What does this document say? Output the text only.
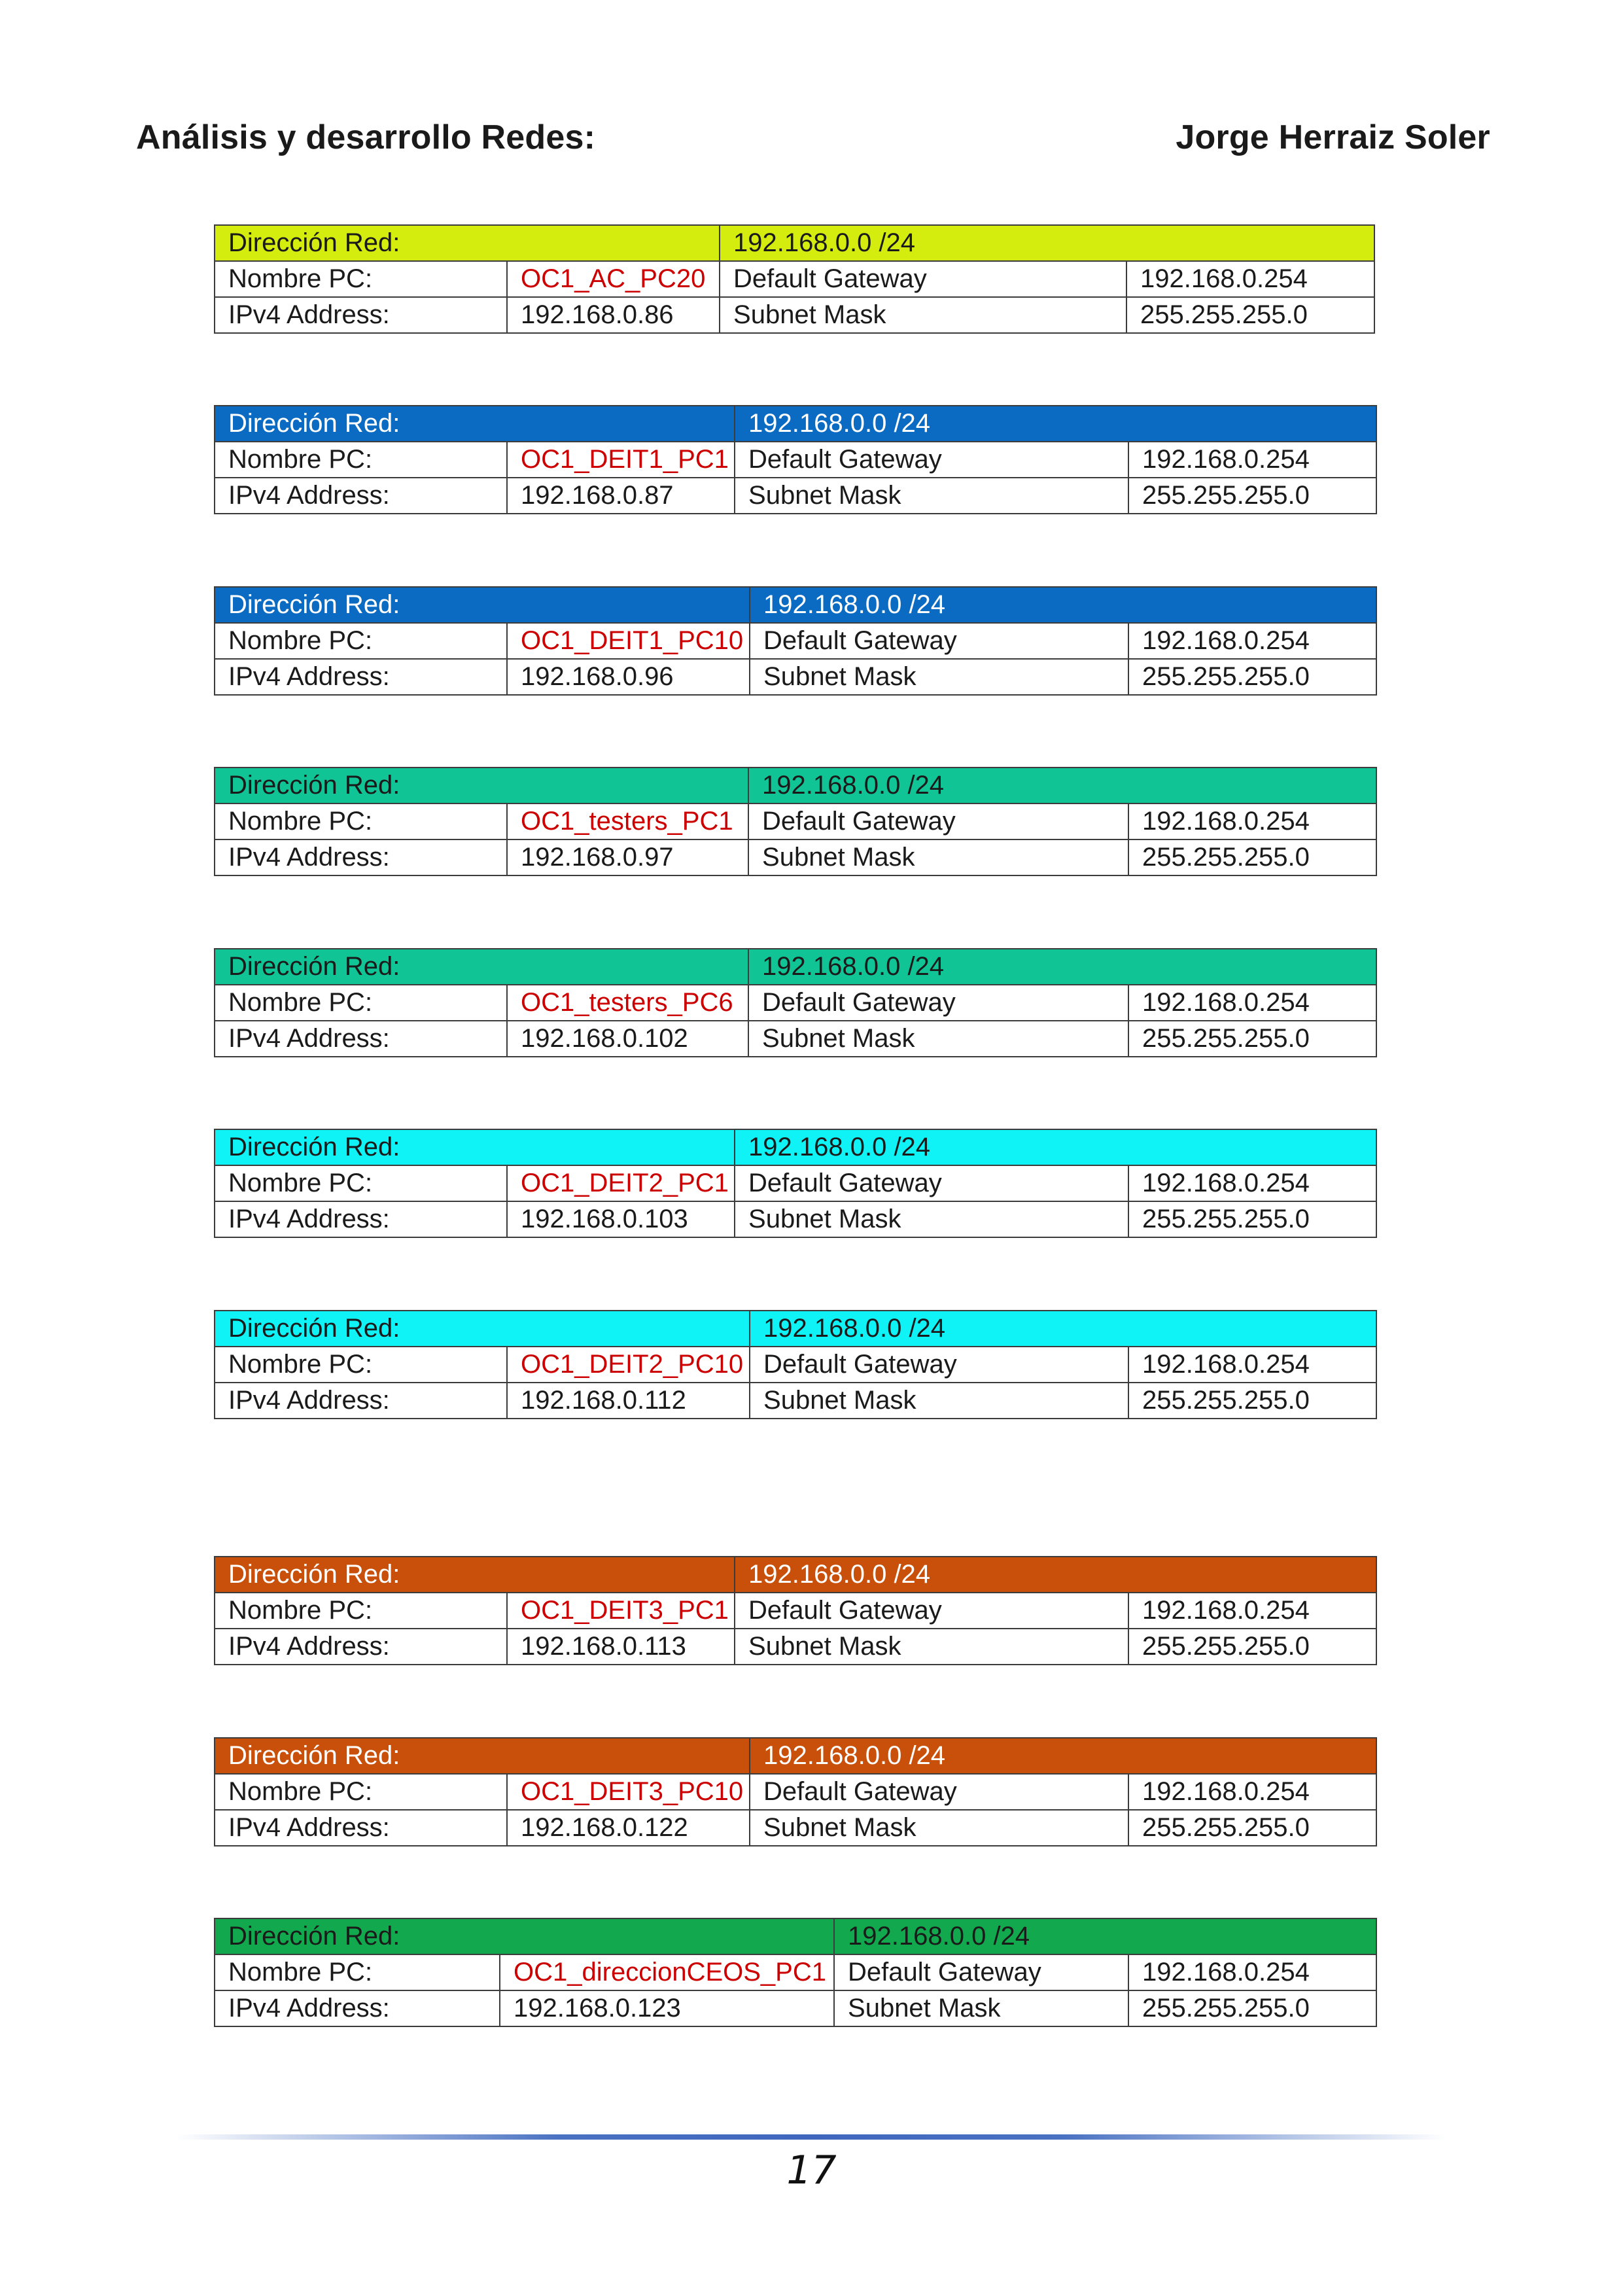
Análisis y desarrollo Redes:	Jorge Herraiz Soler
Dirección Red:		192.168.0.0 /24	
Nombre PC:	OC1_AC_PC20	Default Gateway	192.168.0.254
IPv4 Address:	192.168.0.86	Subnet Mask	255.255.255.0
Dirección Red:		192.168.0.0 /24	
Nombre PC:	OC1_DEIT1_PC1	Default Gateway	192.168.0.254
IPv4 Address:	192.168.0.87	Subnet Mask	255.255.255.0
Dirección Red:		192.168.0.0 /24	
Nombre PC:	OC1_DEIT1_PC10	Default Gateway	192.168.0.254
IPv4 Address:	192.168.0.96	Subnet Mask	255.255.255.0
Dirección Red:		192.168.0.0 /24	
Nombre PC:	OC1_testers_PC1	Default Gateway	192.168.0.254
IPv4 Address:	192.168.0.97	Subnet Mask	255.255.255.0
Dirección Red:		192.168.0.0 /24	
Nombre PC:	OC1_testers_PC6	Default Gateway	192.168.0.254
IPv4 Address:	192.168.0.102	Subnet Mask	255.255.255.0
Dirección Red:		192.168.0.0 /24	
Nombre PC:	OC1_DEIT2_PC1	Default Gateway	192.168.0.254
IPv4 Address:	192.168.0.103	Subnet Mask	255.255.255.0
Dirección Red:		192.168.0.0 /24	
Nombre PC:	OC1_DEIT2_PC10	Default Gateway	192.168.0.254
IPv4 Address:	192.168.0.112	Subnet Mask	255.255.255.0
Dirección Red:		192.168.0.0 /24	
Nombre PC:	OC1_DEIT3_PC1	Default Gateway	192.168.0.254
IPv4 Address:	192.168.0.113	Subnet Mask	255.255.255.0
Dirección Red:		192.168.0.0 /24	
Nombre PC:	OC1_DEIT3_PC10	Default Gateway	192.168.0.254
IPv4 Address:	192.168.0.122	Subnet Mask	255.255.255.0
Dirección Red:		192.168.0.0 /24	
Nombre PC:	OC1_direccionCEOS_PC1	Default Gateway	192.168.0.254
IPv4 Address:	192.168.0.123	Subnet Mask	255.255.255.0
17
